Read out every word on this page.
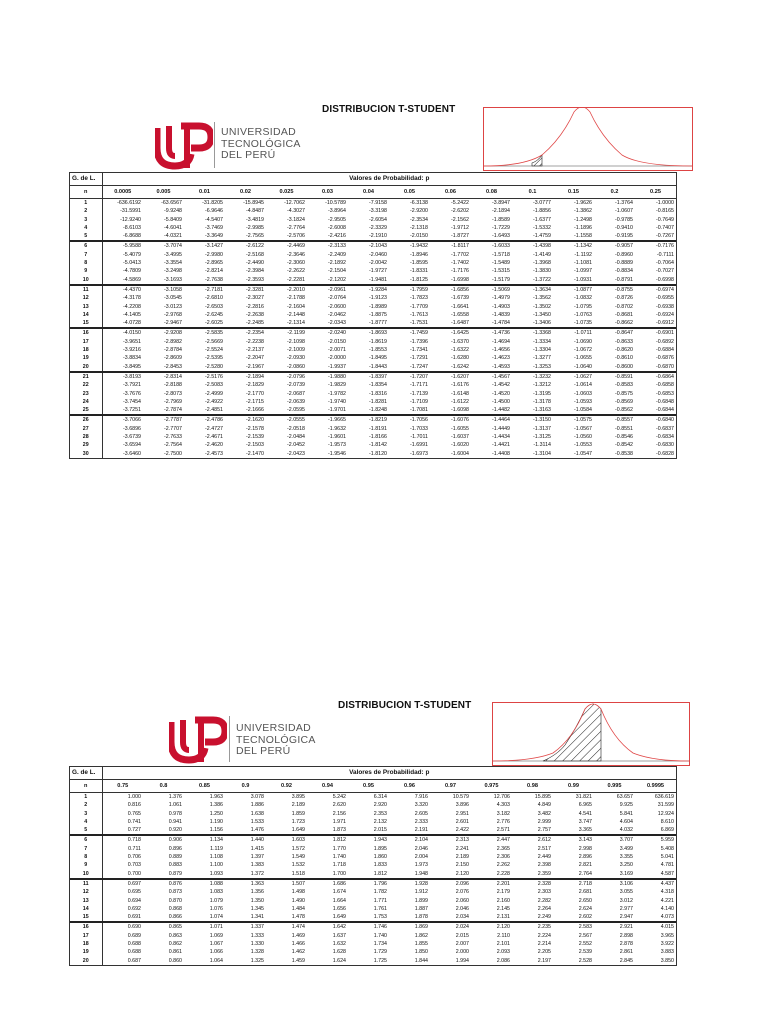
DISTRIBUCION T-STUDENT
UNIVERSIDAD
TECNOLÓGICA
DEL PERÚ
G. de L.	Valores de Probabilidad: p													
n	0.0005	0.005	0.01	0.02	0.025	0.03	0.04	0.05	0.06	0.08	0.1	0.15	0.2	0.25
1	-636.6192	-63.6567	-31.8205	-15.8945	-12.7062	-10.5789	-7.9158	-6.3138	-5.2422	-3.8947	-3.0777	-1.9626	-1.3764	-1.0000
2	-31.5991	-9.9248	-6.9646	-4.8487	-4.3027	-3.8964	-3.3198	-2.9200	-2.6202	-2.1894	-1.8856	-1.3862	-1.0607	-0.8165
3	-12.9240	-5.8409	-4.5407	-3.4819	-3.1824	-2.9505	-2.6054	-2.3534	-2.1562	-1.8589	-1.6377	-1.2498	-0.9785	-0.7649
4	-8.6103	-4.6041	-3.7469	-2.9985	-2.7764	-2.6008	-2.3329	-2.1318	-1.9712	-1.7229	-1.5332	-1.1896	-0.9410	-0.7407
5	-6.8688	-4.0321	-3.3649	-2.7565	-2.5706	-2.4216	-2.1910	-2.0150	-1.8727	-1.6493	-1.4759	-1.1558	-0.9195	-0.7267
6	-5.9588	-3.7074	-3.1427	-2.6122	-2.4469	-2.3133	-2.1043	-1.9432	-1.8117	-1.6033	-1.4398	-1.1342	-0.9057	-0.7176
7	-5.4079	-3.4995	-2.9980	-2.5168	-2.3646	-2.2409	-2.0460	-1.8946	-1.7702	-1.5718	-1.4149	-1.1192	-0.8960	-0.7111
8	-5.0413	-3.3554	-2.8965	-2.4490	-2.3060	-2.1892	-2.0042	-1.8595	-1.7402	-1.5489	-1.3968	-1.1081	-0.8889	-0.7064
9	-4.7809	-3.2498	-2.8214	-2.3984	-2.2622	-2.1504	-1.9727	-1.8331	-1.7176	-1.5315	-1.3830	-1.0997	-0.8834	-0.7027
10	-4.5869	-3.1693	-2.7638	-2.3593	-2.2281	-2.1202	-1.9481	-1.8125	-1.6998	-1.5179	-1.3722	-1.0931	-0.8791	-0.6998
11	-4.4370	-3.1058	-2.7181	-2.3281	-2.2010	-2.0961	-1.9284	-1.7959	-1.6856	-1.5069	-1.3634	-1.0877	-0.8755	-0.6974
12	-4.3178	-3.0545	-2.6810	-2.3027	-2.1788	-2.0764	-1.9123	-1.7823	-1.6739	-1.4979	-1.3562	-1.0832	-0.8726	-0.6955
13	-4.2208	-3.0123	-2.6503	-2.2816	-2.1604	-2.0600	-1.8989	-1.7709	-1.6641	-1.4903	-1.3502	-1.0795	-0.8702	-0.6938
14	-4.1405	-2.9768	-2.6245	-2.2638	-2.1448	-2.0462	-1.8875	-1.7613	-1.6558	-1.4839	-1.3450	-1.0763	-0.8681	-0.6924
15	-4.0728	-2.9467	-2.6025	-2.2485	-2.1314	-2.0343	-1.8777	-1.7531	-1.6487	-1.4784	-1.3406	-1.0735	-0.8662	-0.6912
16	-4.0150	-2.9208	-2.5835	-2.2354	-2.1199	-2.0240	-1.8693	-1.7459	-1.6425	-1.4736	-1.3368	-1.0711	-0.8647	-0.6901
17	-3.9651	-2.8982	-2.5669	-2.2238	-2.1098	-2.0150	-1.8619	-1.7396	-1.6370	-1.4694	-1.3334	-1.0690	-0.8633	-0.6892
18	-3.9216	-2.8784	-2.5524	-2.2137	-2.1009	-2.0071	-1.8553	-1.7341	-1.6322	-1.4656	-1.3304	-1.0672	-0.8620	-0.6884
19	-3.8834	-2.8609	-2.5395	-2.2047	-2.0930	-2.0000	-1.8495	-1.7291	-1.6280	-1.4623	-1.3277	-1.0655	-0.8610	-0.6876
20	-3.8495	-2.8453	-2.5280	-2.1967	-2.0860	-1.9937	-1.8443	-1.7247	-1.6242	-1.4593	-1.3253	-1.0640	-0.8600	-0.6870
21	-3.8193	-2.8314	-2.5176	-2.1894	-2.0796	-1.9880	-1.8397	-1.7207	-1.6207	-1.4567	-1.3232	-1.0627	-0.8591	-0.6864
22	-3.7921	-2.8188	-2.5083	-2.1829	-2.0739	-1.9829	-1.8354	-1.7171	-1.6176	-1.4542	-1.3212	-1.0614	-0.8583	-0.6858
23	-3.7676	-2.8073	-2.4999	-2.1770	-2.0687	-1.9782	-1.8316	-1.7139	-1.6148	-1.4520	-1.3195	-1.0603	-0.8575	-0.6853
24	-3.7454	-2.7969	-2.4922	-2.1715	-2.0639	-1.9740	-1.8281	-1.7109	-1.6122	-1.4500	-1.3178	-1.0593	-0.8569	-0.6848
25	-3.7251	-2.7874	-2.4851	-2.1666	-2.0595	-1.9701	-1.8248	-1.7081	-1.6098	-1.4482	-1.3163	-1.0584	-0.8562	-0.6844
26	-3.7066	-2.7787	-2.4786	-2.1620	-2.0555	-1.9665	-1.8219	-1.7056	-1.6076	-1.4464	-1.3150	-1.0575	-0.8557	-0.6840
27	-3.6896	-2.7707	-2.4727	-2.1578	-2.0518	-1.9632	-1.8191	-1.7033	-1.6055	-1.4449	-1.3137	-1.0567	-0.8551	-0.6837
28	-3.6739	-2.7633	-2.4671	-2.1539	-2.0484	-1.9601	-1.8166	-1.7011	-1.6037	-1.4434	-1.3125	-1.0560	-0.8546	-0.6834
29	-3.6594	-2.7564	-2.4620	-2.1503	-2.0452	-1.9573	-1.8142	-1.6991	-1.6020	-1.4421	-1.3114	-1.0553	-0.8542	-0.6830
30	-3.6460	-2.7500	-2.4573	-2.1470	-2.0423	-1.9546	-1.8120	-1.6973	-1.6004	-1.4408	-1.3104	-1.0547	-0.8538	-0.6828
DISTRIBUCION T-STUDENT
UNIVERSIDAD
TECNOLÓGICA
DEL PERÚ
G. de L.	Valores de Probabilidad: p													
n	0.75	0.8	0.85	0.9	0.92	0.94	0.95	0.96	0.97	0.975	0.98	0.99	0.995	0.9995
1	1.000	1.376	1.963	3.078	3.895	5.242	6.314	7.916	10.579	12.706	15.895	31.821	63.657	636.619
2	0.816	1.061	1.386	1.886	2.189	2.620	2.920	3.320	3.896	4.303	4.849	6.965	9.925	31.599
3	0.765	0.978	1.250	1.638	1.859	2.156	2.353	2.605	2.951	3.182	3.482	4.541	5.841	12.924
4	0.741	0.941	1.190	1.533	1.723	1.971	2.132	2.333	2.601	2.776	2.999	3.747	4.604	8.610
5	0.727	0.920	1.156	1.476	1.649	1.873	2.015	2.191	2.422	2.571	2.757	3.365	4.032	6.869
6	0.718	0.906	1.134	1.440	1.603	1.812	1.943	2.104	2.313	2.447	2.612	3.143	3.707	5.959
7	0.711	0.896	1.119	1.415	1.572	1.770	1.895	2.046	2.241	2.365	2.517	2.998	3.499	5.408
8	0.706	0.889	1.108	1.397	1.549	1.740	1.860	2.004	2.189	2.306	2.449	2.896	3.355	5.041
9	0.703	0.883	1.100	1.383	1.532	1.718	1.833	1.973	2.150	2.262	2.398	2.821	3.250	4.781
10	0.700	0.879	1.093	1.372	1.518	1.700	1.812	1.948	2.120	2.228	2.359	2.764	3.169	4.587
11	0.697	0.876	1.088	1.363	1.507	1.686	1.796	1.928	2.096	2.201	2.328	2.718	3.106	4.437
12	0.695	0.873	1.083	1.356	1.498	1.674	1.782	1.912	2.076	2.179	2.303	2.681	3.055	4.318
13	0.694	0.870	1.079	1.350	1.490	1.664	1.771	1.899	2.060	2.160	2.282	2.650	3.012	4.221
14	0.692	0.868	1.076	1.345	1.484	1.656	1.761	1.887	2.046	2.145	2.264	2.624	2.977	4.140
15	0.691	0.866	1.074	1.341	1.478	1.649	1.753	1.878	2.034	2.131	2.249	2.602	2.947	4.073
16	0.690	0.865	1.071	1.337	1.474	1.642	1.746	1.869	2.024	2.120	2.235	2.583	2.921	4.015
17	0.689	0.863	1.069	1.333	1.469	1.637	1.740	1.862	2.015	2.110	2.224	2.567	2.898	3.965
18	0.688	0.862	1.067	1.330	1.466	1.632	1.734	1.855	2.007	2.101	2.214	2.552	2.878	3.922
19	0.688	0.861	1.066	1.328	1.462	1.628	1.729	1.850	2.000	2.093	2.205	2.539	2.861	3.883
20	0.687	0.860	1.064	1.325	1.459	1.624	1.725	1.844	1.994	2.086	2.197	2.528	2.845	3.850
